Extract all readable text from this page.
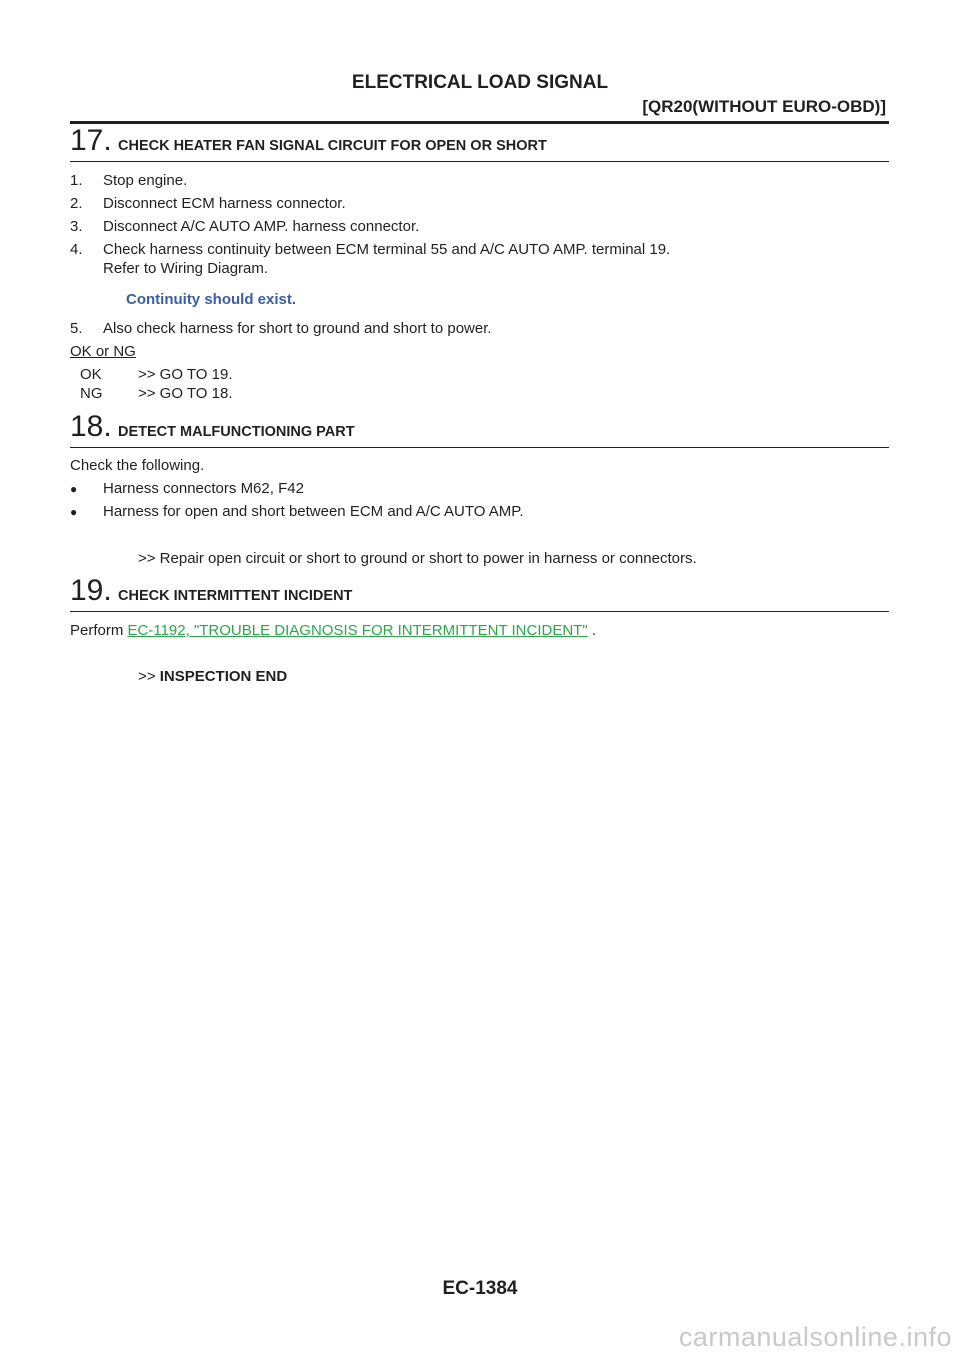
ELECTRICAL LOAD SIGNAL
[QR20(WITHOUT EURO-OBD)]
17. CHECK HEATER FAN SIGNAL CIRCUIT FOR OPEN OR SHORT
1.	Stop engine.
2.	Disconnect ECM harness connector.
3.	Disconnect A/C AUTO AMP. harness connector.
4.	Check harness continuity between ECM terminal 55 and A/C AUTO AMP. terminal 19.
Refer to Wiring Diagram.
Continuity should exist.
5.	Also check harness for short to ground and short to power.
OK or NG
OK >> GO TO 19.
NG >> GO TO 18.
18. DETECT MALFUNCTIONING PART
Check the following.
● Harness connectors M62, F42
● Harness for open and short between ECM and A/C AUTO AMP.
>> Repair open circuit or short to ground or short to power in harness or connectors.
19. CHECK INTERMITTENT INCIDENT
Perform EC-1192, "TROUBLE DIAGNOSIS FOR INTERMITTENT INCIDENT" .
>> INSPECTION END
EC-1384
carmanualsonline.info
